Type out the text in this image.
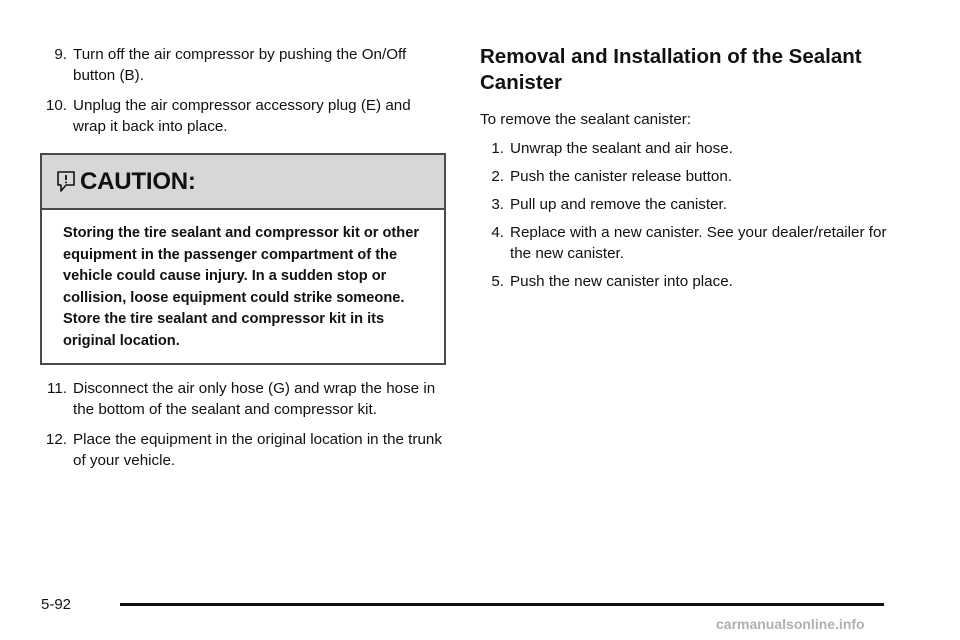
9. Turn off the air compressor by pushing the On/Off button (B).
10. Unplug the air compressor accessory plug (E) and wrap it back into place.
CAUTION:
Storing the tire sealant and compressor kit or other equipment in the passenger compartment of the vehicle could cause injury. In a sudden stop or collision, loose equipment could strike someone. Store the tire sealant and compressor kit in its original location.
11. Disconnect the air only hose (G) and wrap the hose in the bottom of the sealant and compressor kit.
12. Place the equipment in the original location in the trunk of your vehicle.
Removal and Installation of the Sealant Canister
To remove the sealant canister:
1. Unwrap the sealant and air hose.
2. Push the canister release button.
3. Pull up and remove the canister.
4. Replace with a new canister. See your dealer/retailer for the new canister.
5. Push the new canister into place.
5-92
carmanualsonline.info
